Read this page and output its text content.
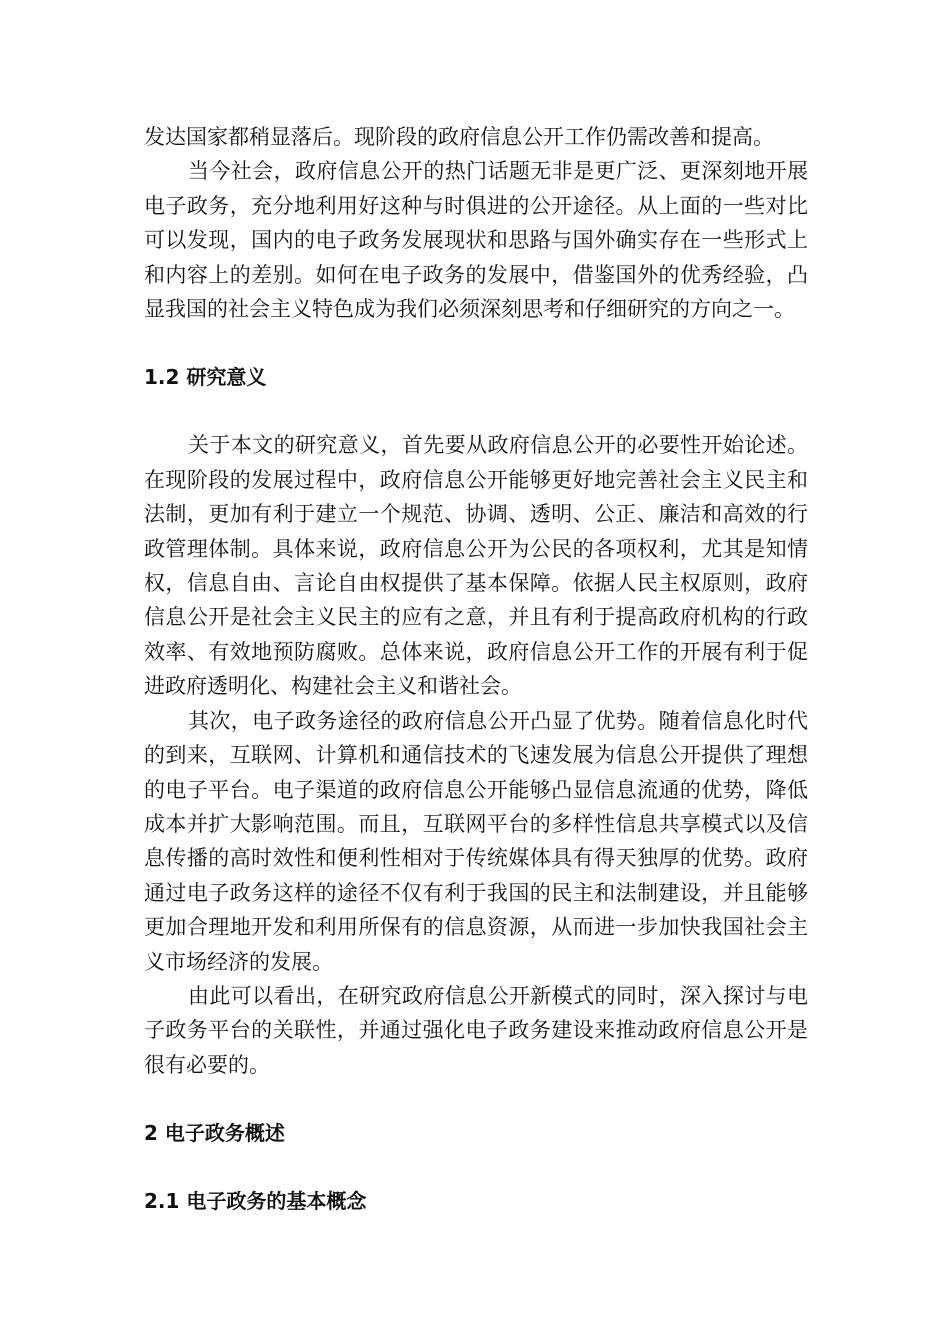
发达国家都稍显落后。现阶段的政府信息公开工作仍需改善和提高。

当今社会，政府信息公开的热门话题无非是更广泛、更深刻地开展电子政务，充分地利用好这种与时俱进的公开途径。从上面的一些对比可以发现，国内的电子政务发展现状和思路与国外确实存在一些形式上和内容上的差别。如何在电子政务的发展中，借鉴国外的优秀经验，凸显我国的社会主义特色成为我们必须深刻思考和仔细研究的方向之一。

1.2 研究意义

关于本文的研究意义，首先要从政府信息公开的必要性开始论述。在现阶段的发展过程中，政府信息公开能够更好地完善社会主义民主和法制，更加有利于建立一个规范、协调、透明、公正、廉洁和高效的行政管理体制。具体来说，政府信息公开为公民的各项权利，尤其是知情权，信息自由、言论自由权提供了基本保障。依据人民主权原则，政府信息公开是社会主义民主的应有之意，并且有利于提高政府机构的行政效率、有效地预防腐败。总体来说，政府信息公开工作的开展有利于促进政府透明化、构建社会主义和谐社会。

其次，电子政务途径的政府信息公开凸显了优势。随着信息化时代的到来，互联网、计算机和通信技术的飞速发展为信息公开提供了理想的电子平台。电子渠道的政府信息公开能够凸显信息流通的优势，降低成本并扩大影响范围。而且，互联网平台的多样性信息共享模式以及信息传播的高时效性和便利性相对于传统媒体具有得天独厚的优势。政府通过电子政务这样的途径不仅有利于我国的民主和法制建设，并且能够更加合理地开发和利用所保有的信息资源，从而进一步加快我国社会主义市场经济的发展。

由此可以看出，在研究政府信息公开新模式的同时，深入探讨与电子政务平台的关联性，并通过强化电子政务建设来推动政府信息公开是很有必要的。

2 电子政务概述
2.1 电子政务的基本概念
